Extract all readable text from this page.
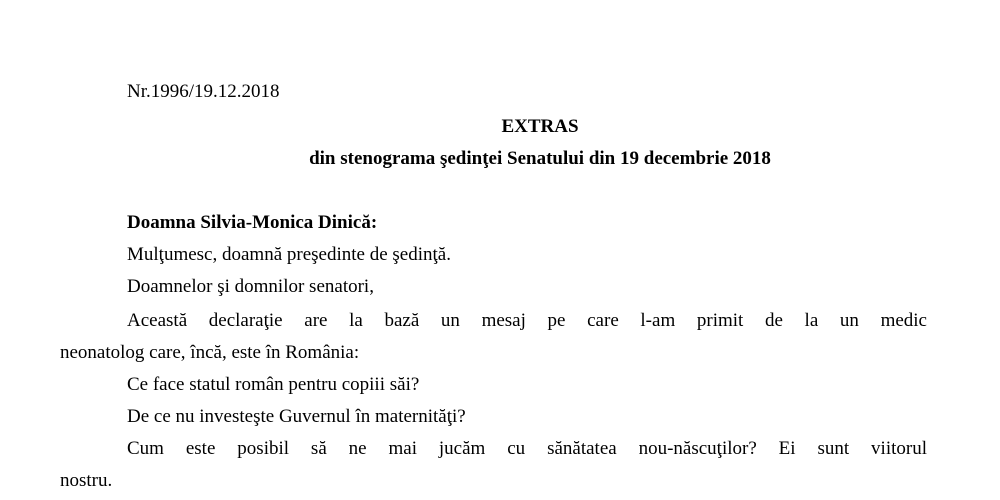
Nr.1996/19.12.2018
EXTRAS
din stenograma şedinţei Senatului din 19 decembrie 2018
Doamna Silvia-Monica Dinică:
Mulţumesc, doamnă preşedinte de şedinţă.
Doamnelor şi domnilor senatori,
Această declaraţie are la bază un mesaj pe care l-am primit de la un medic
neonatolog care, încă, este în România:
Ce face statul român pentru copiii săi?
De ce nu investeşte Guvernul în maternităţi?
Cum este posibil să ne mai jucăm cu sănătatea nou-născuţilor? Ei sunt viitorul
nostru.
